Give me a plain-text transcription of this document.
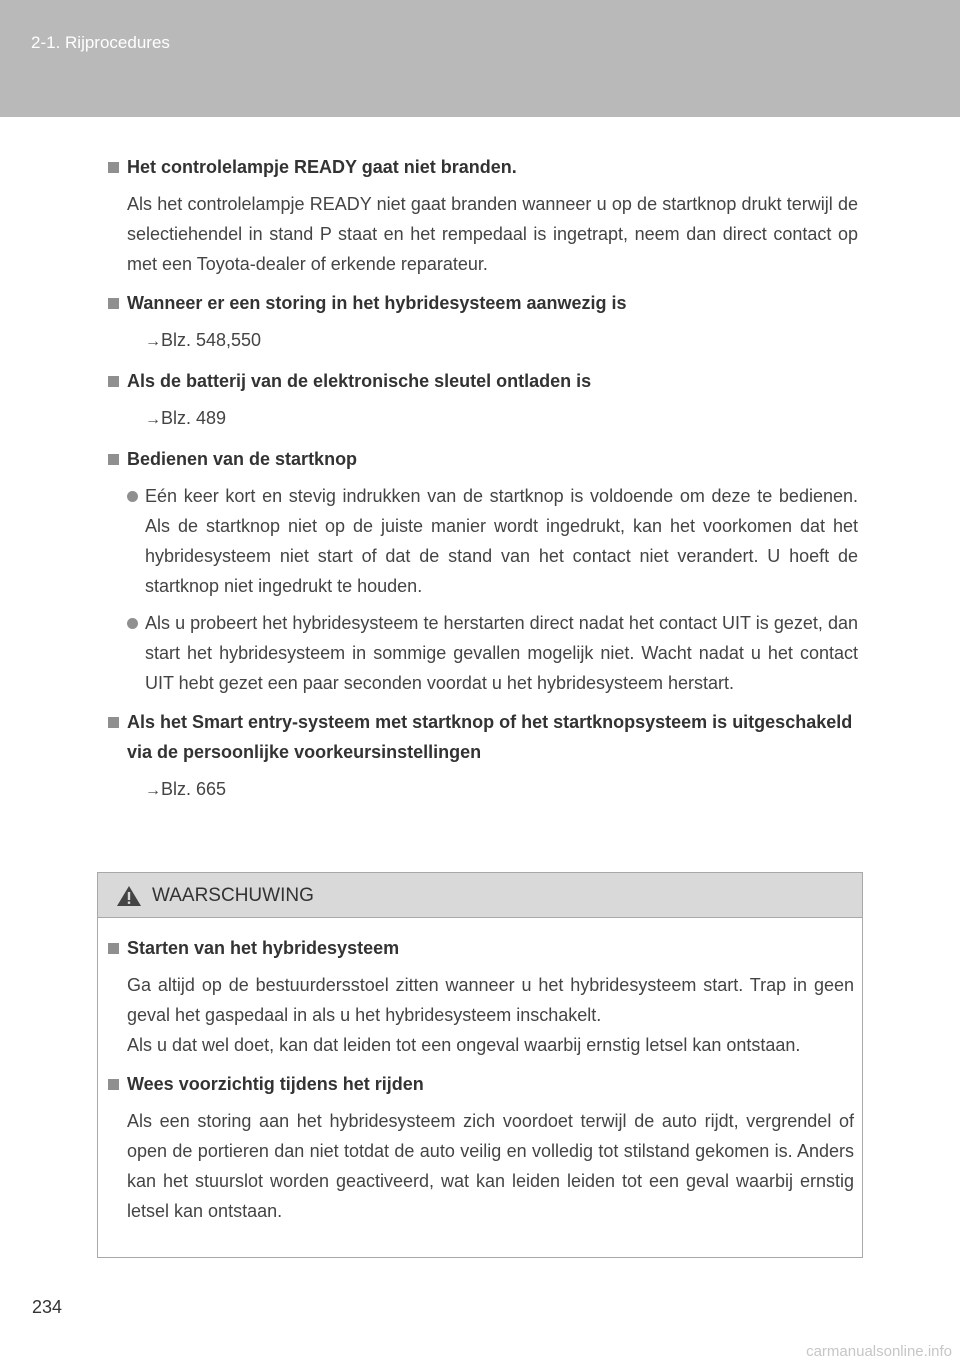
2-1. Rijprocedures
Het controlelampje READY gaat niet branden.
Als het controlelampje READY niet gaat branden wanneer u op de startknop drukt terwijl de selectiehendel in stand P staat en het rempedaal is ingetrapt, neem dan direct contact op met een Toyota-dealer of erkende reparateur.
Wanneer er een storing in het hybridesysteem aanwezig is
→Blz. 548,550
Als de batterij van de elektronische sleutel ontladen is
→Blz. 489
Bedienen van de startknop
Eén keer kort en stevig indrukken van de startknop is voldoende om deze te bedienen. Als de startknop niet op de juiste manier wordt ingedrukt, kan het voorkomen dat het hybridesysteem niet start of dat de stand van het contact niet verandert. U hoeft de startknop niet ingedrukt te houden.
Als u probeert het hybridesysteem te herstarten direct nadat het contact UIT is gezet, dan start het hybridesysteem in sommige gevallen mogelijk niet. Wacht nadat u het contact UIT hebt gezet een paar seconden voordat u het hybridesysteem herstart.
Als het Smart entry-systeem met startknop of het startknopsysteem is uitgeschakeld via de persoonlijke voorkeursinstellingen
→Blz. 665
WAARSCHUWING
Starten van het hybridesysteem
Ga altijd op de bestuurdersstoel zitten wanneer u het hybridesysteem start. Trap in geen geval het gaspedaal in als u het hybridesysteem inschakelt.
Als u dat wel doet, kan dat leiden tot een ongeval waarbij ernstig letsel kan ontstaan.
Wees voorzichtig tijdens het rijden
Als een storing aan het hybridesysteem zich voordoet terwijl de auto rijdt, vergrendel of open de portieren dan niet totdat de auto veilig en volledig tot stilstand gekomen is. Anders kan het stuurslot worden geactiveerd, wat kan leiden leiden tot een geval waarbij ernstig letsel kan ontstaan.
234
carmanualsonline.info
